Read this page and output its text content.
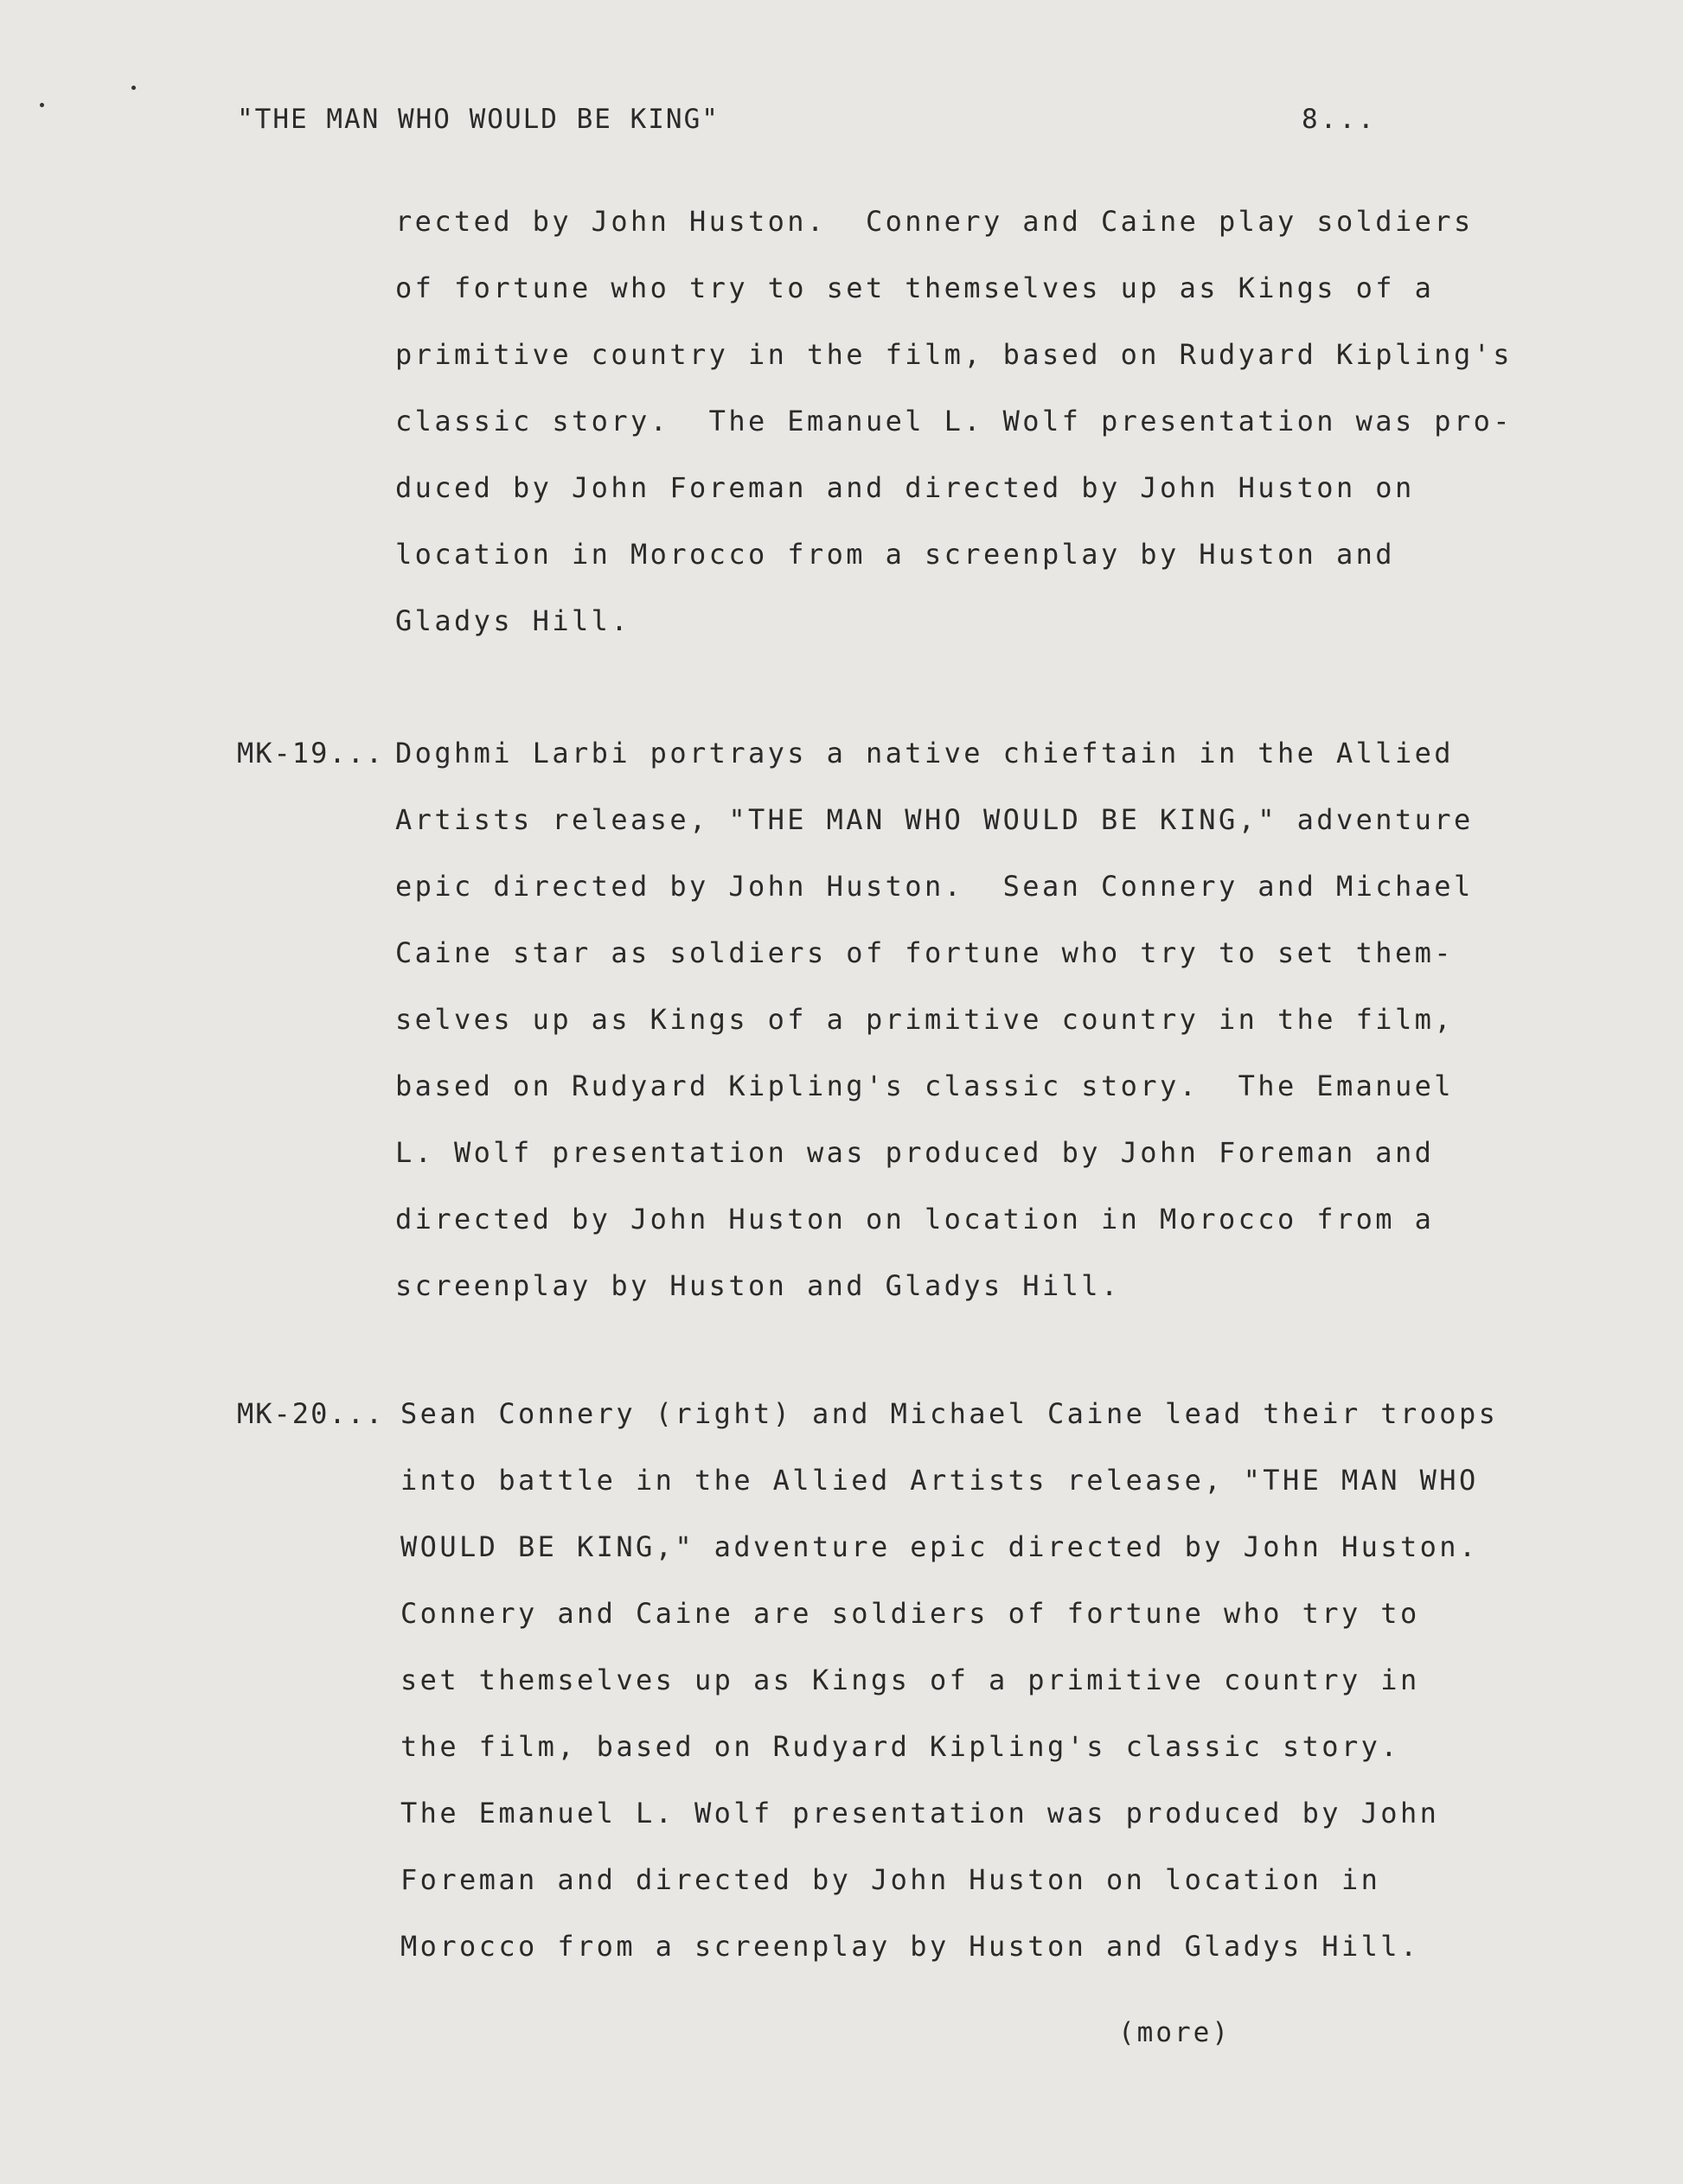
"THE MAN WHO WOULD BE KING"	8...
rected by John Huston.  Connery and Caine play soldiers
of fortune who try to set themselves up as Kings of a
primitive country in the film, based on Rudyard Kipling's
classic story.  The Emanuel L. Wolf presentation was pro-
duced by John Foreman and directed by John Huston on
location in Morocco from a screenplay by Huston and
Gladys Hill.
MK-19... Doghmi Larbi portrays a native chieftain in the Allied
Artists release, "THE MAN WHO WOULD BE KING," adventure
epic directed by John Huston.  Sean Connery and Michael
Caine star as soldiers of fortune who try to set them-
selves up as Kings of a primitive country in the film,
based on Rudyard Kipling's classic story.  The Emanuel
L. Wolf presentation was produced by John Foreman and
directed by John Huston on location in Morocco from a
screenplay by Huston and Gladys Hill.
MK-20... Sean Connery (right) and Michael Caine lead their troops
into battle in the Allied Artists release, "THE MAN WHO
WOULD BE KING," adventure epic directed by John Huston.
Connery and Caine are soldiers of fortune who try to
set themselves up as Kings of a primitive country in
the film, based on Rudyard Kipling's classic story.
The Emanuel L. Wolf presentation was produced by John
Foreman and directed by John Huston on location in
Morocco from a screenplay by Huston and Gladys Hill.
(more)
